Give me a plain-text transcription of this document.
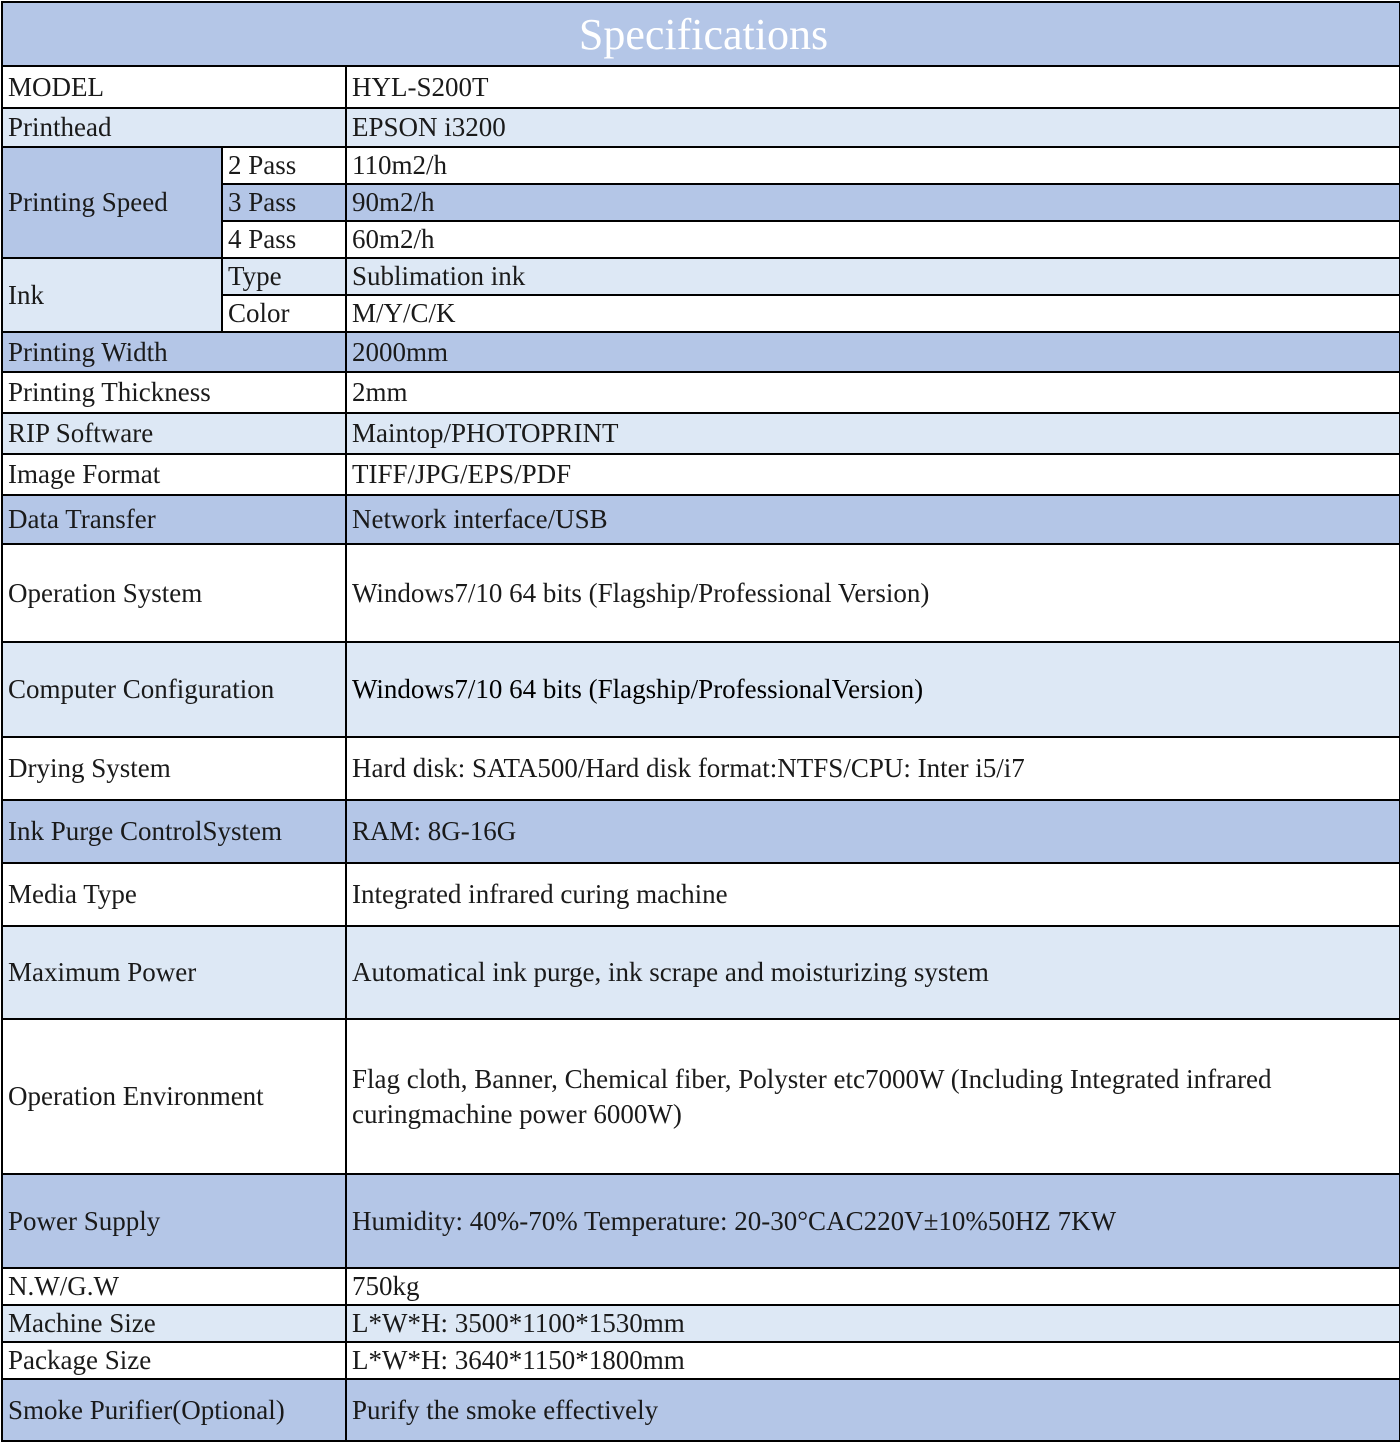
Specifications		
MODEL		HYL-S200T
Printhead		EPSON i3200
Printing Speed	2 Pass	110m2/h
	3 Pass	90m2/h
	4 Pass	60m2/h
Ink	Type	Sublimation ink
	Color	M/Y/C/K
Printing Width		2000mm
Printing Thickness		2mm
RIP Software		Maintop/PHOTOPRINT
Image Format		TIFF/JPG/EPS/PDF
Data Transfer		Network interface/USB
Operation System		Windows7/10 64 bits (Flagship/Professional Version)
Computer Configuration		Windows7/10 64 bits (Flagship/ProfessionalVersion)
Drying System		Hard disk: SATA500/Hard disk format:NTFS/CPU: Inter i5/i7
Ink Purge ControlSystem		RAM: 8G-16G
Media Type		Integrated infrared curing machine
Maximum Power		Automatical ink purge, ink scrape and moisturizing system
Operation Environment		Flag cloth, Banner, Chemical fiber, Polyster etc7000W (Including Integrated infrared curingmachine power 6000W)
Power Supply		Humidity: 40%-70% Temperature: 20-30°CAC220V±10%50HZ 7KW
N.W/G.W		750kg
Machine Size		L*W*H: 3500*1100*1530mm
Package Size		L*W*H: 3640*1150*1800mm
Smoke Purifier(Optional)		Purify the smoke effectively
